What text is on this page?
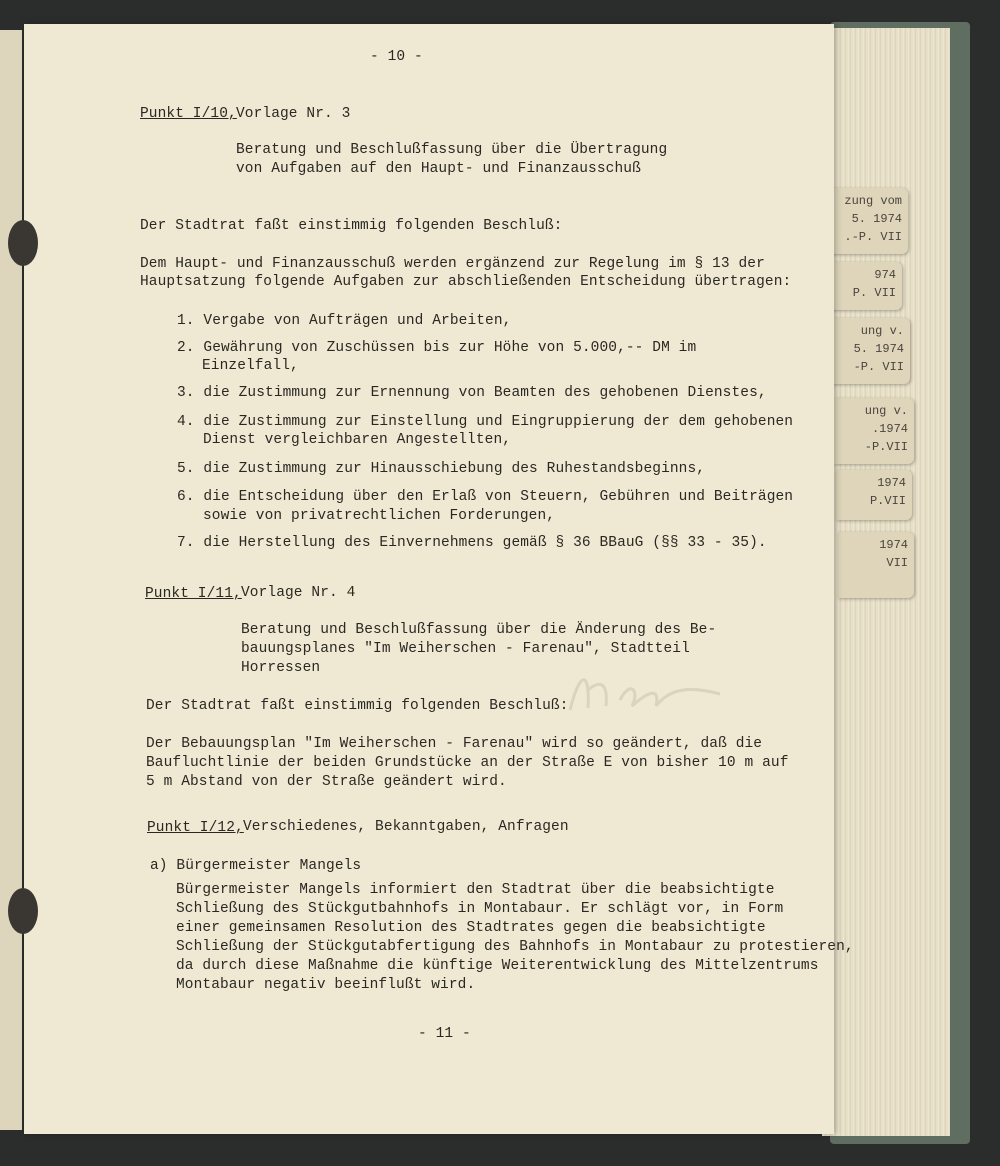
zung vom
5. 1974
.-P. VII
974
P. VII
ung v.
5. 1974
-P. VII
ung v.
.1974
-P.VII
1974
P.VII
1974
VII
- 10 -
Punkt I/10, Vorlage Nr. 3
Beratung und Beschlußfassung über die Übertragung
von Aufgaben auf den Haupt- und Finanzausschuß
Der Stadtrat faßt einstimmig folgenden Beschluß:
Dem Haupt- und Finanzausschuß werden ergänzend zur Regelung im § 13 der
Hauptsatzung folgende Aufgaben zur abschließenden Entscheidung übertragen:
1. Vergabe von Aufträgen und Arbeiten,
2. Gewährung von Zuschüssen bis zur Höhe von 5.000,-- DM im
Einzelfall,
3. die Zustimmung zur Ernennung von Beamten des gehobenen Dienstes,
4. die Zustimmung zur Einstellung und Eingruppierung der dem gehobenen
Dienst vergleichbaren Angestellten,
5. die Zustimmung zur Hinausschiebung des Ruhestandsbeginns,
6. die Entscheidung über den Erlaß von Steuern, Gebühren und Beiträgen
sowie von privatrechtlichen Forderungen,
7. die Herstellung des Einvernehmens gemäß § 36 BBauG (§§ 33 - 35).
Punkt I/11, Vorlage Nr. 4
Beratung und Beschlußfassung über die Änderung des Be-
bauungsplanes "Im Weiherschen - Farenau", Stadtteil
Horressen
Der Stadtrat faßt einstimmig folgenden Beschluß:
Der Bebauungsplan "Im Weiherschen - Farenau" wird so geändert, daß die
Baufluchtlinie der beiden Grundstücke an der Straße E von bisher 10 m auf
5 m Abstand von der Straße geändert wird.
Punkt I/12, Verschiedenes, Bekanntgaben, Anfragen
a) Bürgermeister Mangels
Bürgermeister Mangels informiert den Stadtrat über die beabsichtigte
Schließung des Stückgutbahnhofs in Montabaur. Er schlägt vor, in Form
einer gemeinsamen Resolution des Stadtrates gegen die beabsichtigte
Schließung der Stückgutabfertigung des Bahnhofs in Montabaur zu protestieren,
da durch diese Maßnahme die künftige Weiterentwicklung des Mittelzentrums
Montabaur negativ beeinflußt wird.
- 11 -
